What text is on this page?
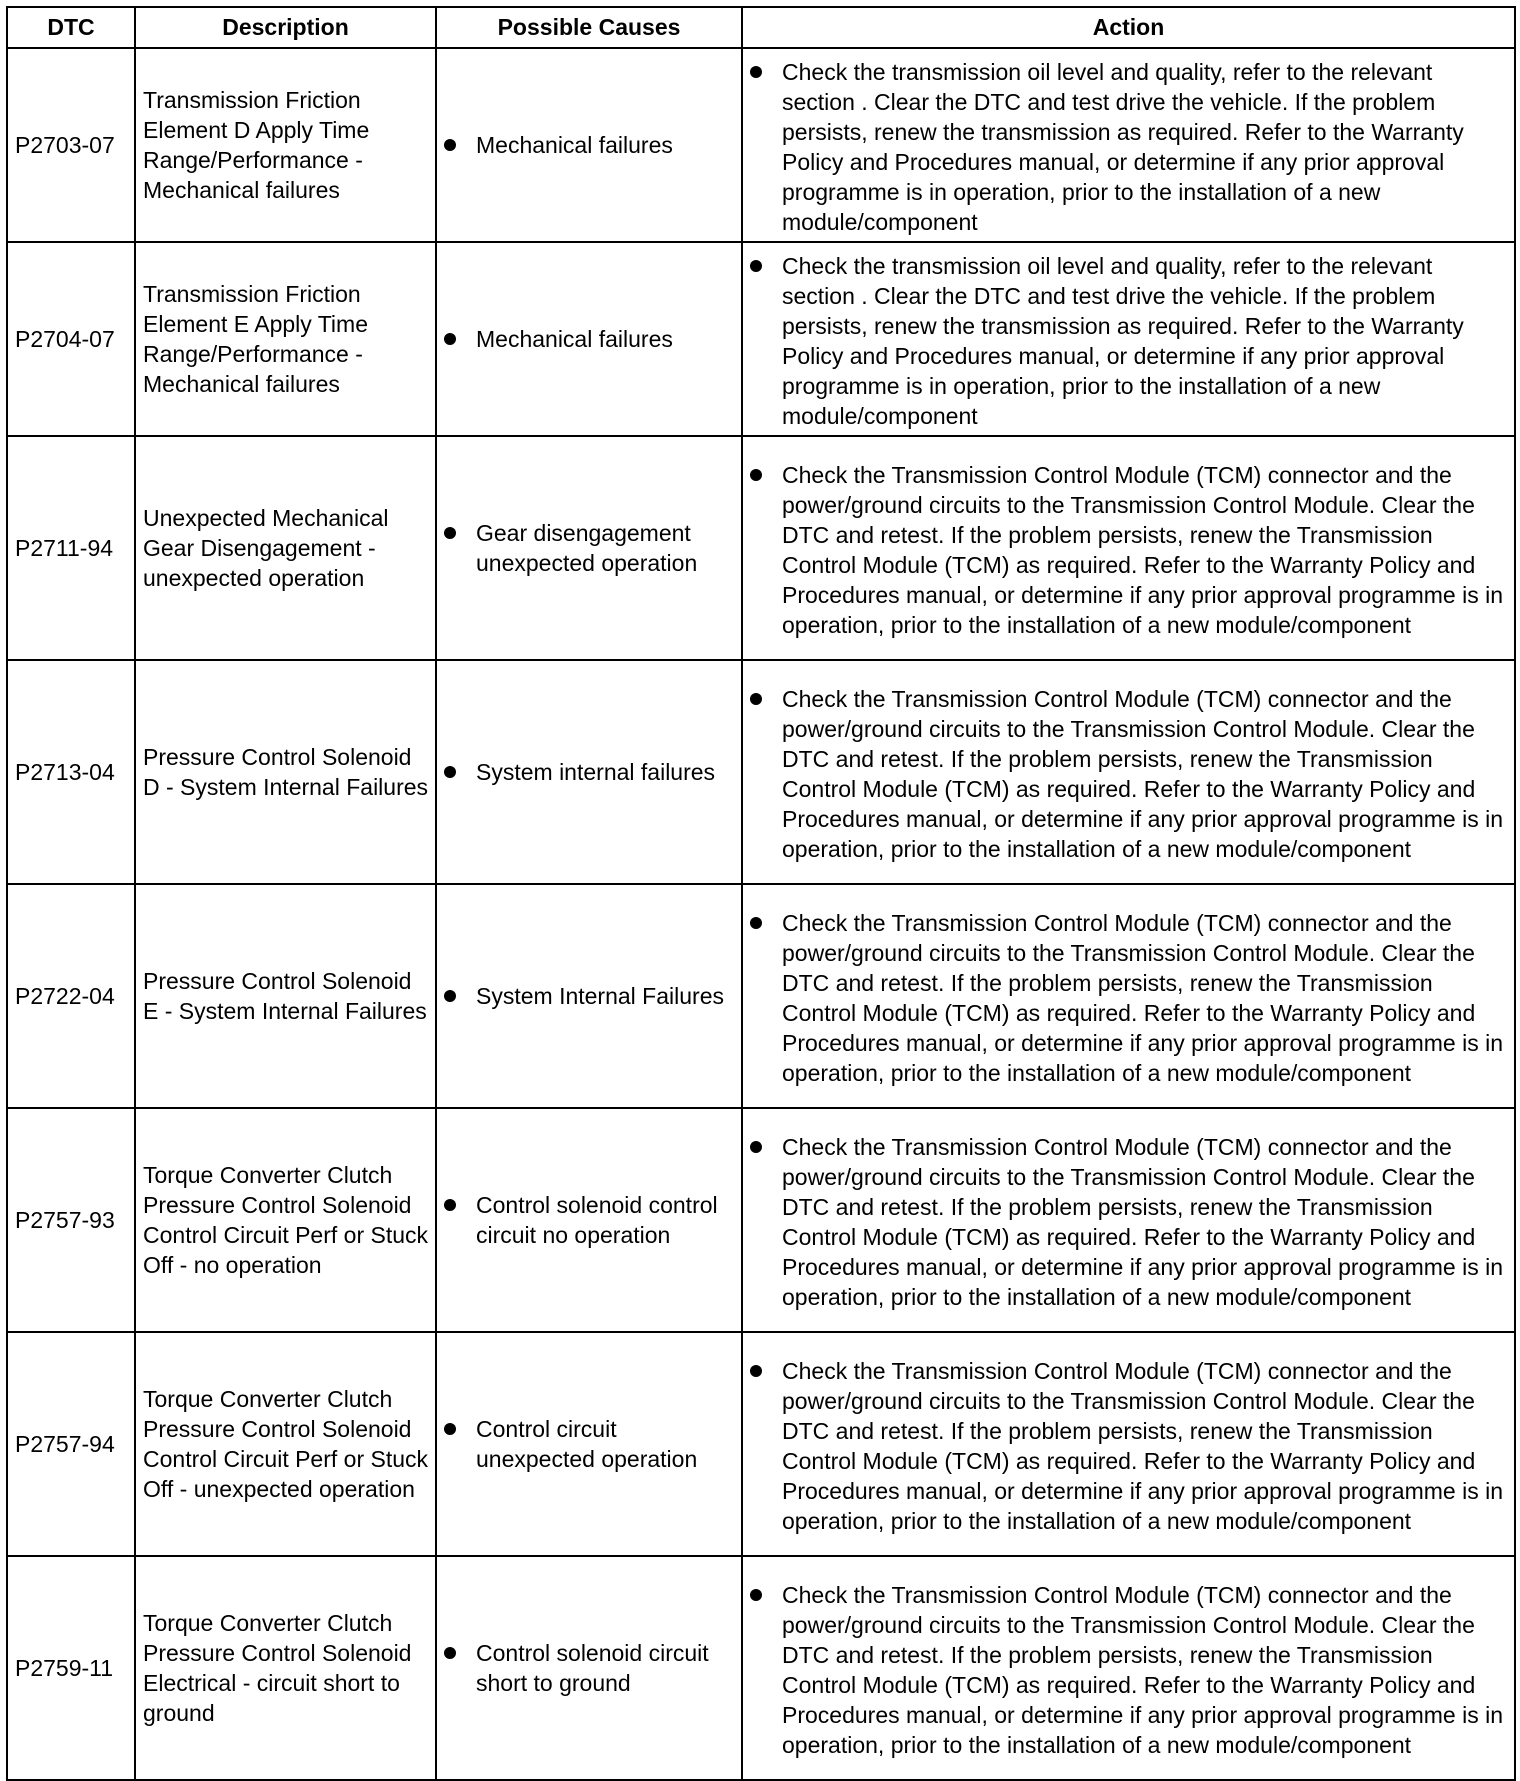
DTC	Description	Possible Causes	Action
P2703-07	Transmission Friction Element D Apply Time Range/Performance - Mechanical failures	Mechanical failures	Check the transmission oil level and quality, refer to the relevant section . Clear the DTC and test drive the vehicle. If the problem persists, renew the transmission as required. Refer to the Warranty Policy and Procedures manual, or determine if any prior approval programme is in operation, prior to the installation of a new module/component

P2704-07	Transmission Friction Element E Apply Time Range/Performance - Mechanical failures	Mechanical failures	Check the transmission oil level and quality, refer to the relevant section . Clear the DTC and test drive the vehicle. If the problem persists, renew the transmission as required. Refer to the Warranty Policy and Procedures manual, or determine if any prior approval programme is in operation, prior to the installation of a new module/component

P2711-94	Unexpected Mechanical Gear Disengagement - unexpected operation	Gear disengagement unexpected operation	Check the Transmission Control Module (TCM) connector and the power/ground circuits to the Transmission Control Module. Clear the DTC and retest. If the problem persists, renew the Transmission Control Module (TCM) as required. Refer to the Warranty Policy and Procedures manual, or determine if any prior approval programme is in operation, prior to the installation of a new module/component

P2713-04	Pressure Control Solenoid D - System Internal Failures	System internal failures	Check the Transmission Control Module (TCM) connector and the power/ground circuits to the Transmission Control Module. Clear the DTC and retest. If the problem persists, renew the Transmission Control Module (TCM) as required. Refer to the Warranty Policy and Procedures manual, or determine if any prior approval programme is in operation, prior to the installation of a new module/component

P2722-04	Pressure Control Solenoid E - System Internal Failures	System Internal Failures	Check the Transmission Control Module (TCM) connector and the power/ground circuits to the Transmission Control Module. Clear the DTC and retest. If the problem persists, renew the Transmission Control Module (TCM) as required. Refer to the Warranty Policy and Procedures manual, or determine if any prior approval programme is in operation, prior to the installation of a new module/component

P2757-93	Torque Converter Clutch Pressure Control Solenoid Control Circuit Perf or Stuck Off - no operation	Control solenoid control circuit no operation	Check the Transmission Control Module (TCM) connector and the power/ground circuits to the Transmission Control Module. Clear the DTC and retest. If the problem persists, renew the Transmission Control Module (TCM) as required. Refer to the Warranty Policy and Procedures manual, or determine if any prior approval programme is in operation, prior to the installation of a new module/component

P2757-94	Torque Converter Clutch Pressure Control Solenoid Control Circuit Perf or Stuck Off - unexpected operation	Control circuit unexpected operation	Check the Transmission Control Module (TCM) connector and the power/ground circuits to the Transmission Control Module. Clear the DTC and retest. If the problem persists, renew the Transmission Control Module (TCM) as required. Refer to the Warranty Policy and Procedures manual, or determine if any prior approval programme is in operation, prior to the installation of a new module/component

P2759-11	Torque Converter Clutch Pressure Control Solenoid Electrical - circuit short to ground	Control solenoid circuit short to ground	Check the Transmission Control Module (TCM) connector and the power/ground circuits to the Transmission Control Module. Clear the DTC and retest. If the problem persists, renew the Transmission Control Module (TCM) as required. Refer to the Warranty Policy and Procedures manual, or determine if any prior approval programme is in operation, prior to the installation of a new module/component
